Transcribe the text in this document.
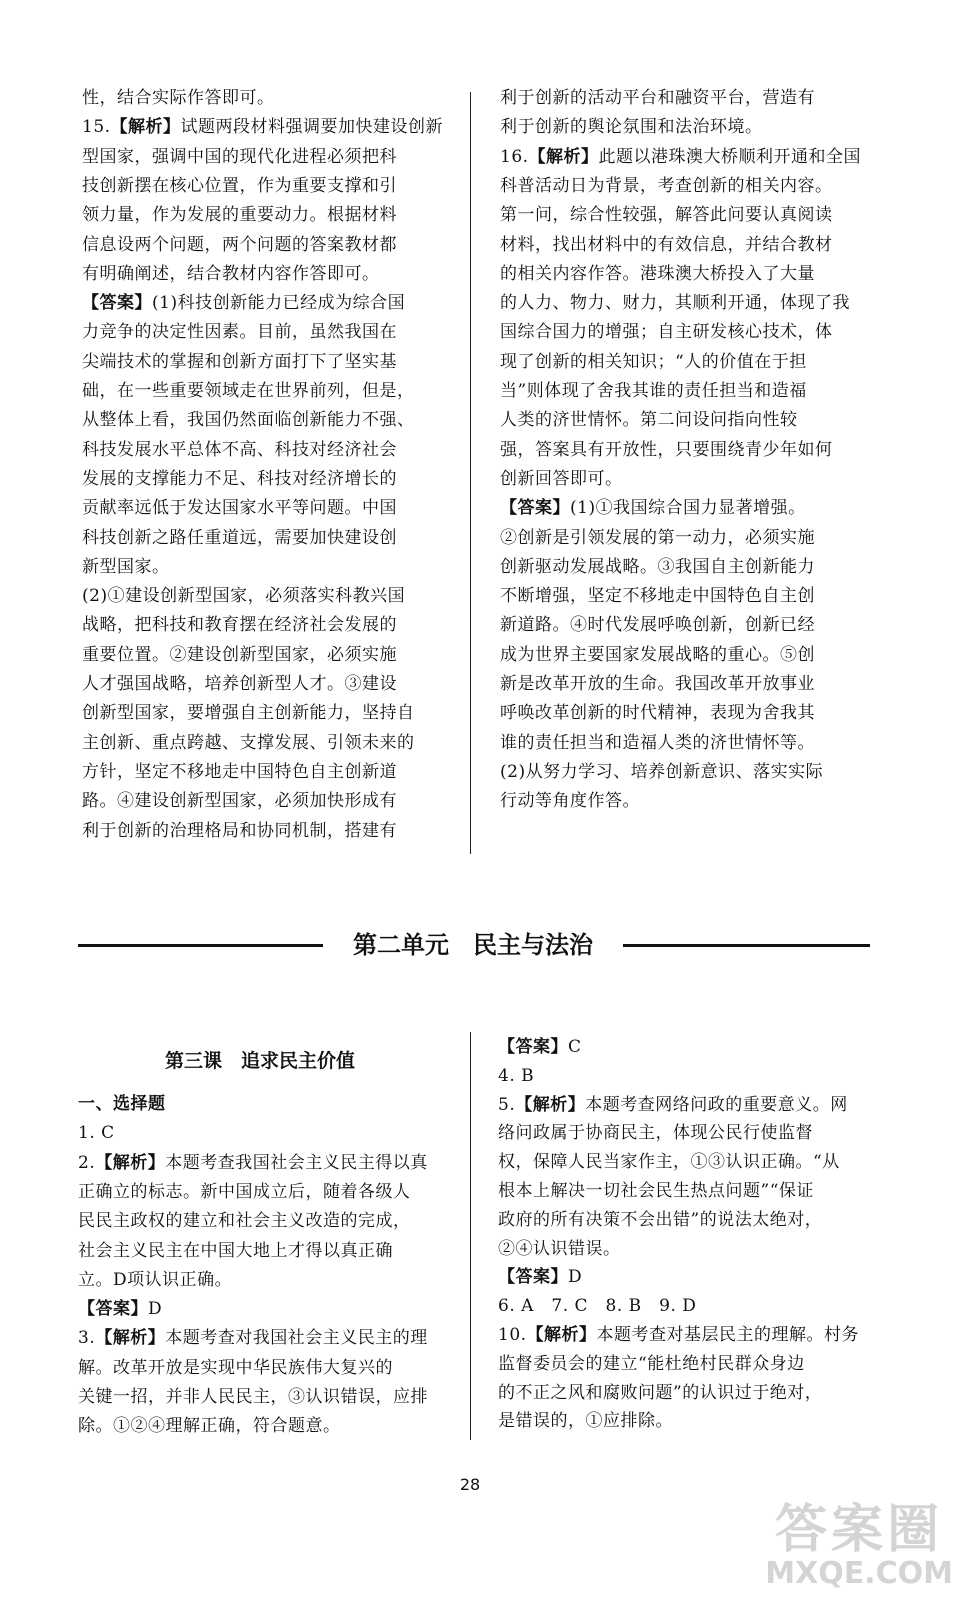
性，结合实际作答即可。
15.【解析】试题两段材料强调要加快建设创新
型国家，强调中国的现代化进程必须把科
技创新摆在核心位置，作为重要支撑和引
领力量，作为发展的重要动力。根据材料
信息设两个问题，两个问题的答案教材都
有明确阐述，结合教材内容作答即可。
【答案】(1)科技创新能力已经成为综合国
力竞争的决定性因素。目前，虽然我国在
尖端技术的掌握和创新方面打下了坚实基
础，在一些重要领域走在世界前列，但是，
从整体上看，我国仍然面临创新能力不强、
科技发展水平总体不高、科技对经济社会
发展的支撑能力不足、科技对经济增长的
贡献率远低于发达国家水平等问题。中国
科技创新之路任重道远，需要加快建设创
新型国家。
(2)①建设创新型国家，必须落实科教兴国
战略，把科技和教育摆在经济社会发展的
重要位置。②建设创新型国家，必须实施
人才强国战略，培养创新型人才。③建设
创新型国家，要增强自主创新能力，坚持自
主创新、重点跨越、支撑发展、引领未来的
方针，坚定不移地走中国特色自主创新道
路。④建设创新型国家，必须加快形成有
利于创新的治理格局和协同机制，搭建有
利于创新的活动平台和融资平台，营造有
利于创新的舆论氛围和法治环境。
16.【解析】此题以港珠澳大桥顺利开通和全国
科普活动日为背景，考查创新的相关内容。
第一问，综合性较强，解答此问要认真阅读
材料，找出材料中的有效信息，并结合教材
的相关内容作答。港珠澳大桥投入了大量
的人力、物力、财力，其顺利开通，体现了我
国综合国力的增强；自主研发核心技术，体
现了创新的相关知识；“人的价值在于担
当”则体现了舍我其谁的责任担当和造福
人类的济世情怀。第二问设问指向性较
强，答案具有开放性，只要围绕青少年如何
创新回答即可。
【答案】(1)①我国综合国力显著增强。
②创新是引领发展的第一动力，必须实施
创新驱动发展战略。③我国自主创新能力
不断增强，坚定不移地走中国特色自主创
新道路。④时代发展呼唤创新，创新已经
成为世界主要国家发展战略的重心。⑤创
新是改革开放的生命。我国改革开放事业
呼唤改革创新的时代精神，表现为舍我其
谁的责任担当和造福人类的济世情怀等。
(2)从努力学习、培养创新意识、落实实际
行动等角度作答。
第二单元　民主与法治
第三课　追求民主价值
一、选择题
1. C
2.【解析】本题考查我国社会主义民主得以真
正确立的标志。新中国成立后，随着各级人
民民主政权的建立和社会主义改造的完成，
社会主义民主在中国大地上才得以真正确
立。D项认识正确。
【答案】D
3.【解析】本题考查对我国社会主义民主的理
解。改革开放是实现中华民族伟大复兴的
关键一招，并非人民民主，③认识错误，应排
除。①②④理解正确，符合题意。
【答案】C
4. B
5.【解析】本题考查网络问政的重要意义。网
络问政属于协商民主，体现公民行使监督
权，保障人民当家作主，①③认识正确。“从
根本上解决一切社会民生热点问题”“保证
政府的所有决策不会出错”的说法太绝对，
②④认识错误。
【答案】D
6. A　7. C　8. B　9. D
10.【解析】本题考查对基层民主的理解。村务
监督委员会的建立“能杜绝村民群众身边
的不正之风和腐败问题”的认识过于绝对，
是错误的，①应排除。
28
答案圈
MXQE.COM
